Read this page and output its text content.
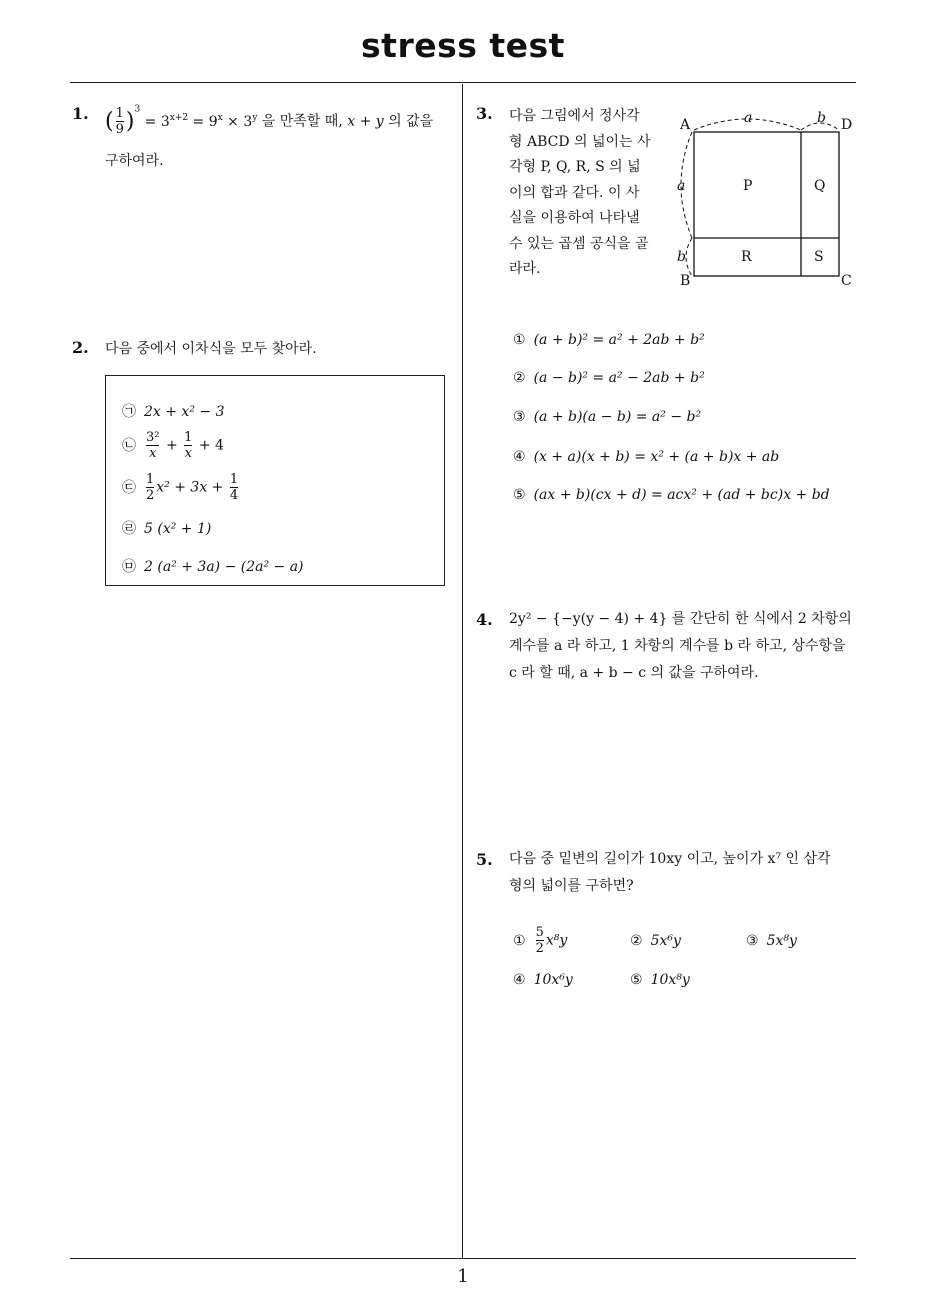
stress test
1. ( $\frac{1}{9} )^3 = 3^{x+2} = 9^x \times 3^y$ 을 만족할 때, x + y 의 값을
구하여라.
2. 다음 중에서 이차식을 모두 찾아라.
㉠ 2x + x² − 3
㉡ $\frac{\text{3²}}{x} + \frac{1}{x} + 4$
㉢ $\frac{1}{2} x^2 + 3x + \frac{1}{4}$
㉣ 5 (x² + 1)
㉤ 2 (a² + 3a) − (2a² − a)
3. 다음 그림에서 정사각
형 ABCD 의 넓이는 사
각형 P, Q, R, S 의 넓
이의 합과 같다. 이 사
실을 이용하여 나타낼
수 있는 곱셈 공식을 골
라라.
A	D
B	C
a	b
a
b
P	Q
R	S
① (a + b)² = a² + 2ab + b²
② (a − b)² = a² − 2ab + b²
③ (a + b)(a − b) = a² − b²
④ (x + a)(x + b) = x² + (a + b)x + ab
⑤ (ax + b)(cx + d) = acx² + (ad + bc)x + bd
4. 2y² − {−y(y − 4) + 4} 를 간단히 한 식에서 2 차항의
계수를 a 라 하고, 1 차항의 계수를 b 라 하고, 상수항을
c 라 할 때, a + b − c 의 값을 구하여라.
5. 다음 중 밑변의 길이가 10xy 이고, 높이가 x⁷ 인 삼각
형의 넓이를 구하면?
① $\frac{5}{2} x^8y$	② 5x⁶y	③ 5x⁸y
④ 10x⁶y	⑤ 10x⁸y
1
